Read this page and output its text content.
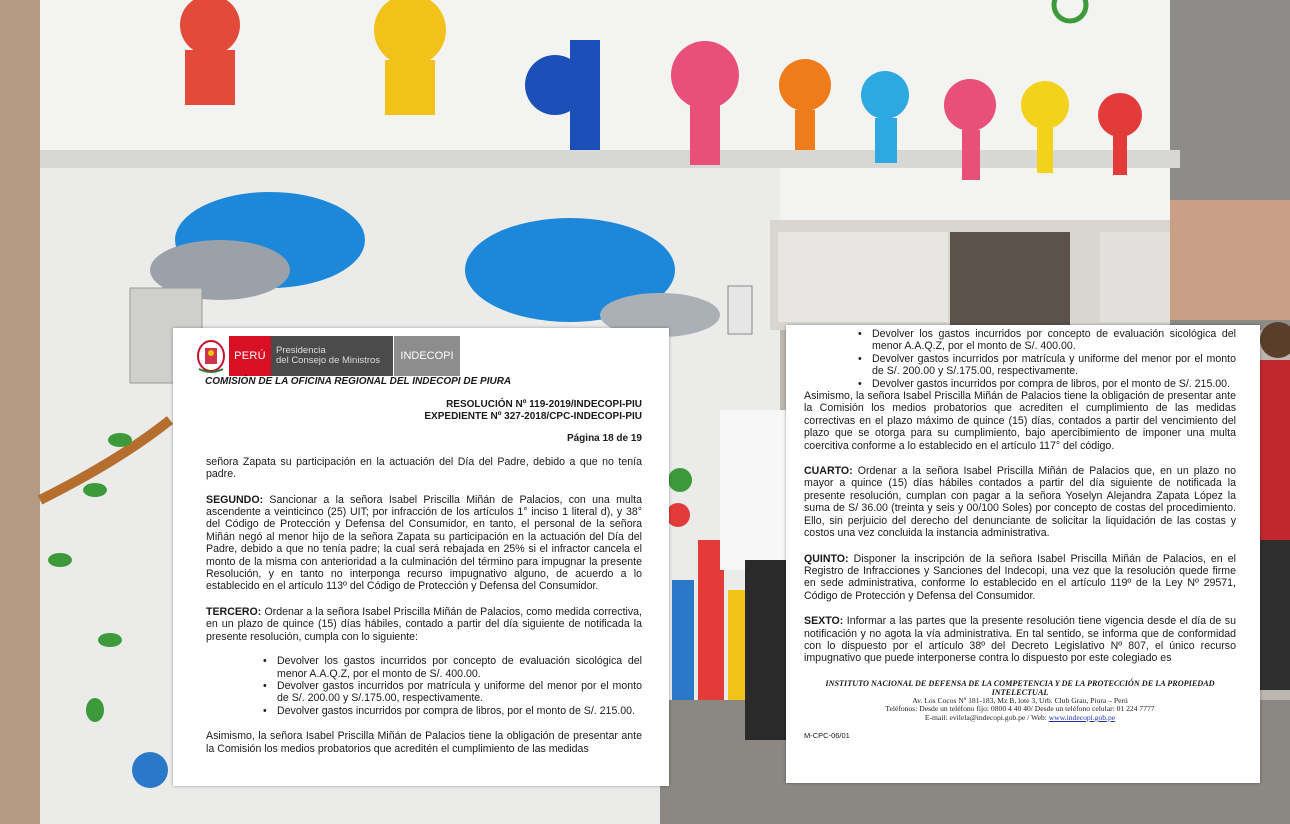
PERÚ	Presidencia
del Consejo de Ministros	INDECOPI
COMISIÓN DE LA OFICINA REGIONAL DEL INDECOPI DE PIURA
RESOLUCIÓN Nº 119-2019/INDECOPI-PIU
EXPEDIENTE Nº 327-2018/CPC-INDECOPI-PIU
Página 18 de 19

señora Zapata su participación en la actuación del Día del Padre, debido a que no tenía padre.

SEGUNDO: Sancionar a la señora Isabel Priscilla Miñán de Palacios, con una multa ascendente a veinticinco (25) UIT; por infracción de los artículos 1° inciso 1 literal d), y 38° del Código de Protección y Defensa del Consumidor, en tanto, el personal de la señora Miñán negó al menor hijo de la señora Zapata su participación en la actuación del Día del Padre, debido a que no tenía padre; la cual será rebajada en 25% si el infractor cancela el monto de la misma con anterioridad a la culminación del término para impugnar la presente Resolución, y en tanto no interponga recurso impugnativo alguno, de acuerdo a lo establecido en el artículo 113º del Código de Protección y Defensa del Consumidor.

TERCERO: Ordenar a la señora Isabel Priscilla Miñán de Palacios, como medida correctiva, en un plazo de quince (15) días hábiles, contado a partir del día siguiente de notificada la presente resolución, cumpla con lo siguiente:

• Devolver los gastos incurridos por concepto de evaluación sicológica del menor A.A.Q.Z, por el monto de S/. 400.00.
• Devolver gastos incurridos por matrícula y uniforme del menor por el monto de S/. 200.00 y S/.175.00, respectivamente.
• Devolver gastos incurridos por compra de libros, por el monto de S/. 215.00.

Asimismo, la señora Isabel Priscilla Miñán de Palacios tiene la obligación de presentar ante la Comisión los medios probatorios que acreditén el cumplimiento de las medidas

• Devolver los gastos incurridos por concepto de evaluación sicológica del menor A.A.Q.Z, por el monto de S/. 400.00.
• Devolver gastos incurridos por matrícula y uniforme del menor por el monto de S/. 200.00 y S/.175.00, respectivamente.
• Devolver gastos incurridos por compra de libros, por el monto de S/. 215.00.

Asimismo, la señora Isabel Priscilla Miñán de Palacios tiene la obligación de presentar ante la Comisión los medios probatorios que acrediten el cumplimiento de las medidas correctivas en el plazo máximo de quince (15) días, contados a partir del vencimiento del plazo que se otorga para su cumplimiento, bajo apercibimiento de imponer una multa coercitiva conforme a lo establecido en el artículo 117° del código.

CUARTO: Ordenar a la señora Isabel Priscilla Miñán de Palacios que, en un plazo no mayor a quince (15) días hábiles contados a partir del día siguiente de notificada la presente resolución, cumplan con pagar a la señora Yoselyn Alejandra Zapata López la suma de S/ 36.00 (treinta y seis y 00/100 Soles) por concepto de costas del procedimiento. Ello, sin perjuicio del derecho del denunciante de solicitar la liquidación de las costas y costos una vez concluida la instancia administrativa.

QUINTO: Disponer la inscripción de la señora Isabel Priscilla Miñán de Palacios, en el Registro de Infracciones y Sanciones del Indecopi, una vez que la resolución quede firme en sede administrativa, conforme lo establecido en el artículo 119º de la Ley Nº 29571, Código de Protección y Defensa del Consumidor.

SEXTO: Informar a las partes que la presente resolución tiene vigencia desde el día de su notificación y no agota la vía administrativa. En tal sentido, se informa que de conformidad con lo dispuesto por el artículo 38º del Decreto Legislativo Nº 807, el único recurso impugnativo que puede interponerse contra lo dispuesto por este colegiado es

INSTITUTO NACIONAL DE DEFENSA DE LA COMPETENCIA Y DE LA PROTECCIÓN DE LA PROPIEDAD
INTELECTUAL
Av. Los Cocos Nº 181-183, Mz B, lote 3, Urb. Club Grau, Piura – Perú
Teléfonos: Desde un teléfono fijo: 0800 4 40 40/ Desde un teléfono celular: 01 224 7777
E-mail: evilela@indecopi.gob.pe / Web: www.indecopi.gob.pe
M-CPC-06/01
